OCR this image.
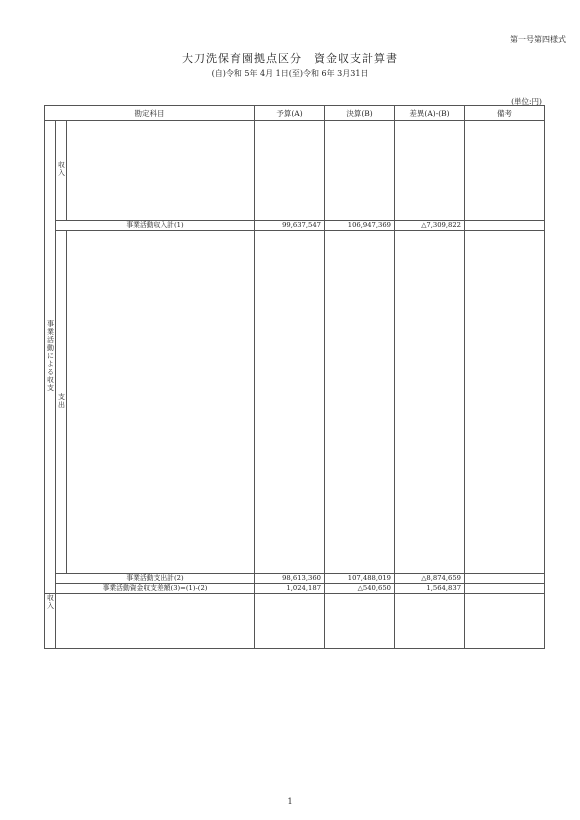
第一号第四様式
大刀洗保育園拠点区分　資金収支計算書
(自)令和 5年 4月 1日(至)令和 6年 3月31日
(単位:円)
勘定科目			予算(A)	決算(B)	差異(A)-(B)	備考
事業活動による収支	収入					

	事業活動収入計(1)		99,637,547	106,947,369	△7,309,822	
	支出					

	事業活動支出計(2)		98,613,360	107,488,019	△8,874,659	
	事業活動資金収支差額(3)=(1)-(2)		1,024,187	△540,650	1,564,837	
収入						

1
